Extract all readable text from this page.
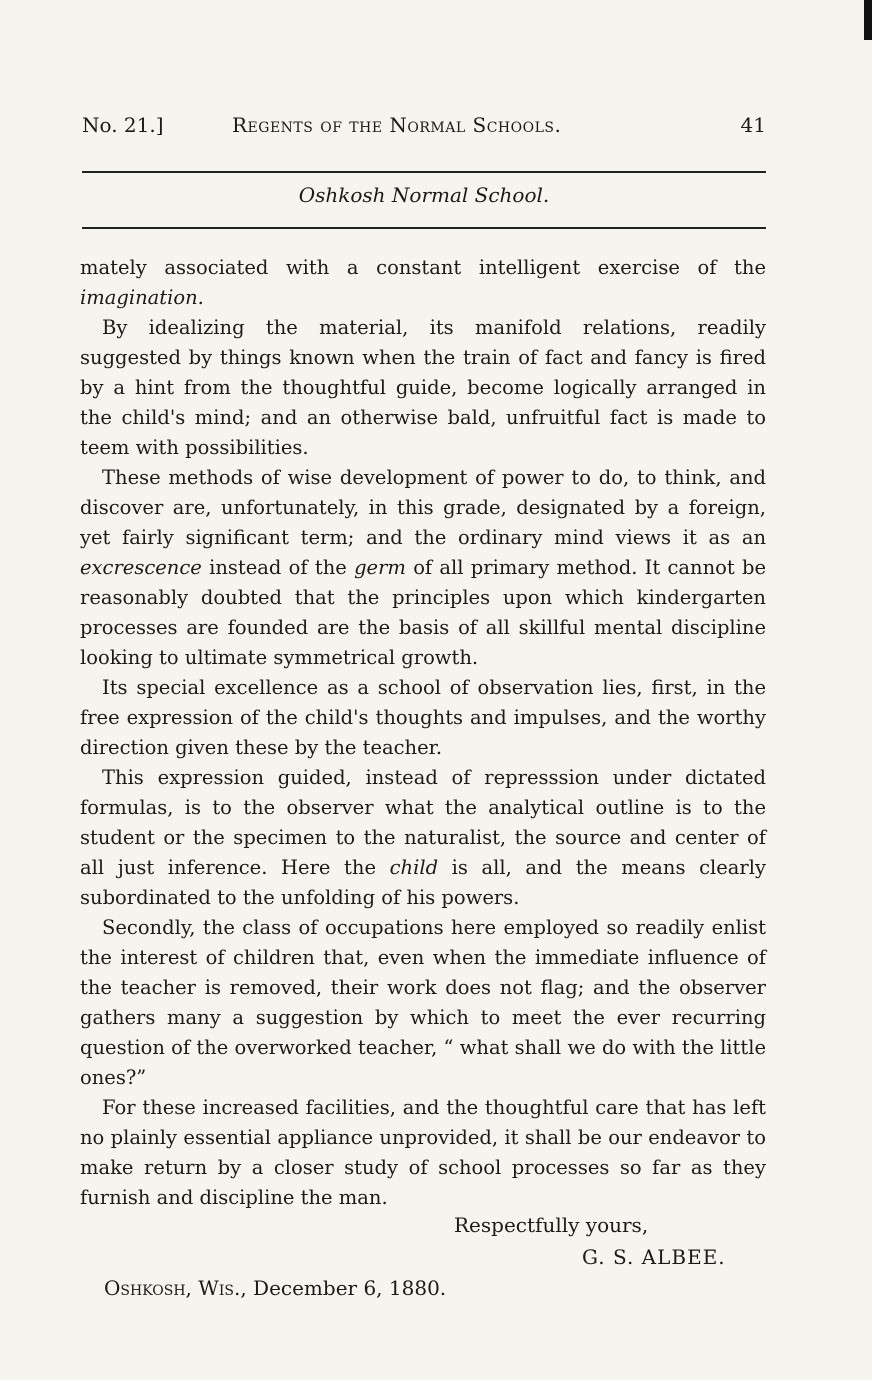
No. 21.]	Regents of the Normal Schools.	41
Oshkosh Normal School.

mately associated with a constant intelligent exercise of the imagination.

By idealizing the material, its manifold relations, readily suggested by things known when the train of fact and fancy is fired by a hint from the thoughtful guide, become logically arranged in the child's mind; and an otherwise bald, unfruitful fact is made to teem with possibilities.

These methods of wise development of power to do, to think, and discover are, unfortunately, in this grade, designated by a foreign, yet fairly significant term; and the ordinary mind views it as an excrescence instead of the germ of all primary method. It cannot be reasonably doubted that the principles upon which kindergarten processes are founded are the basis of all skillful mental discipline looking to ultimate symmetrical growth.

Its special excellence as a school of observation lies, first, in the free expression of the child's thoughts and impulses, and the worthy direction given these by the teacher.

This expression guided, instead of represssion under dictated formulas, is to the observer what the analytical outline is to the student or the specimen to the naturalist, the source and center of all just inference. Here the child is all, and the means clearly subordinated to the unfolding of his powers.

Secondly, the class of occupations here employed so readily enlist the interest of children that, even when the immediate influence of the teacher is removed, their work does not flag; and the observer gathers many a suggestion by which to meet the ever recurring question of the overworked teacher, “ what shall we do with the little ones?”

For these increased facilities, and the thoughtful care that has left no plainly essential appliance unprovided, it shall be our endeavor to make return by a closer study of school processes so far as they furnish and discipline the man.

Respectfully yours,
G. S. ALBEE.
Oshkosh, Wis., December 6, 1880.
